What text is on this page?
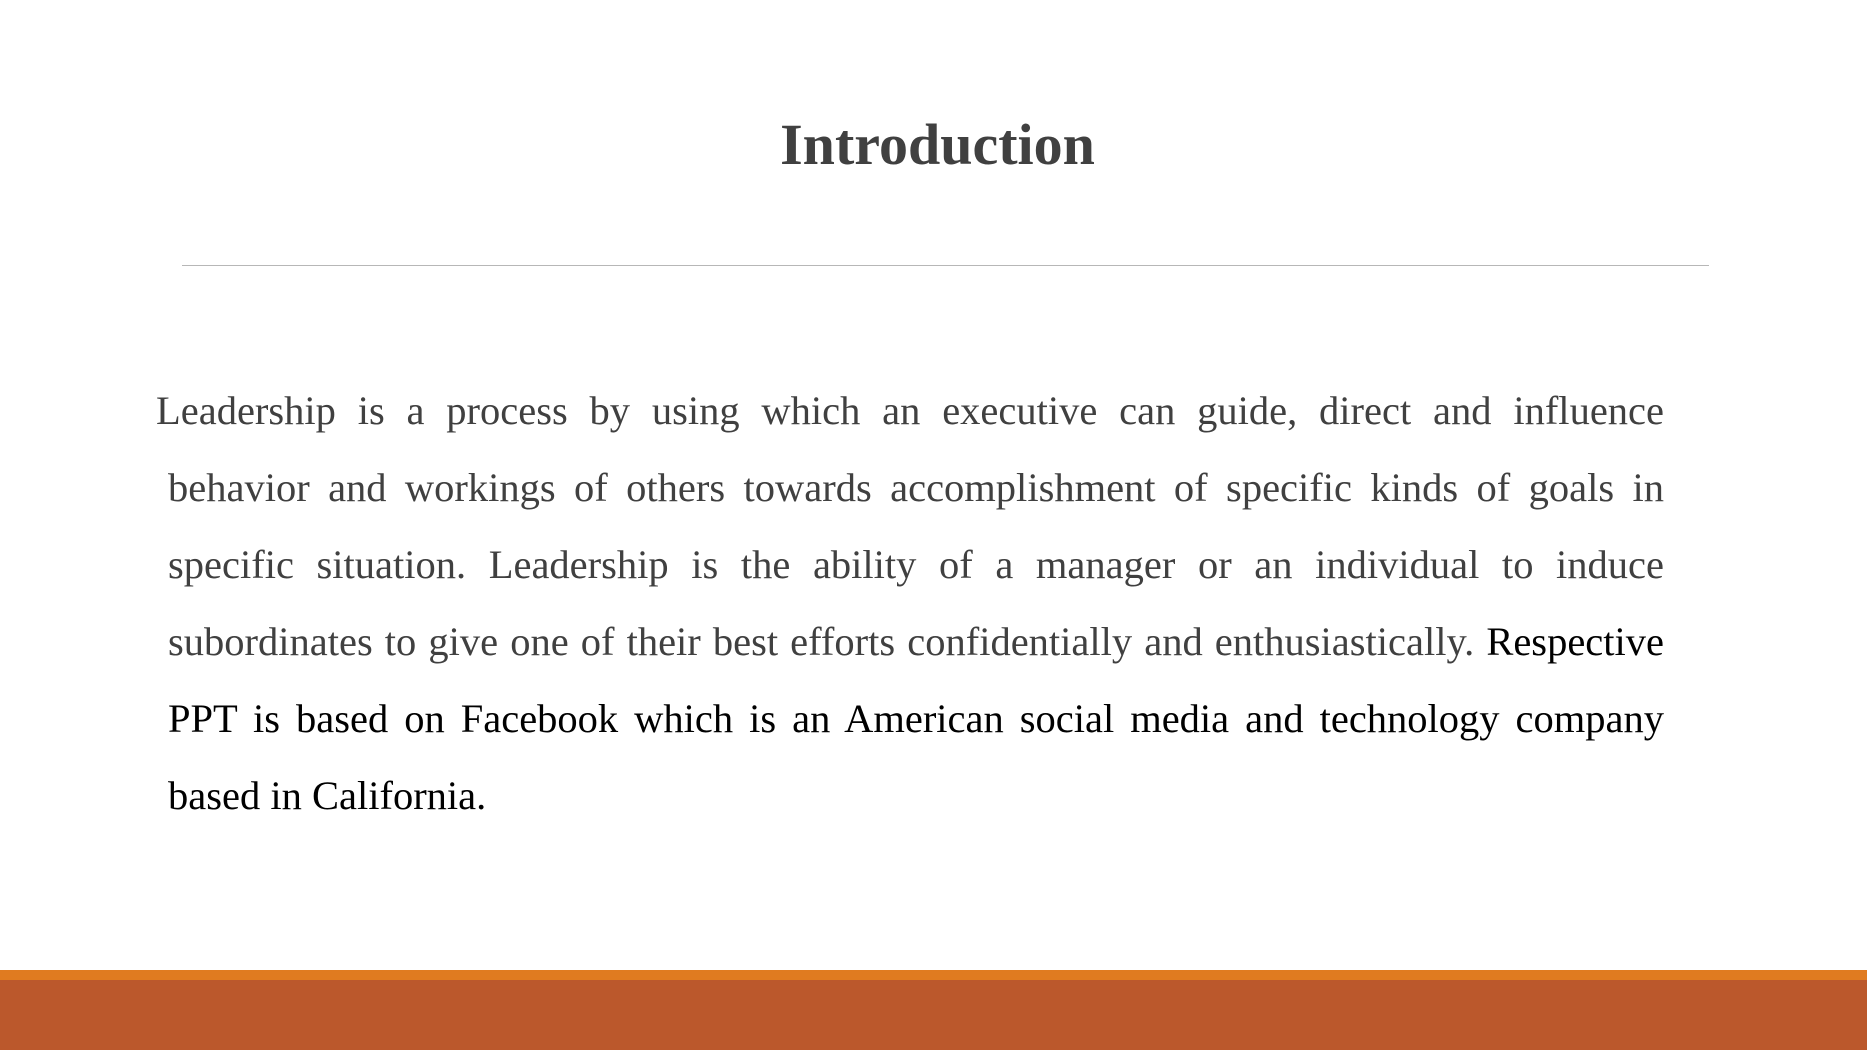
Introduction

Leadership is a process by using which an executive can guide, direct and influence behavior and workings of others towards accomplishment of specific kinds of goals in specific situation. Leadership is the ability of a manager or an individual to induce subordinates to give one of their best efforts confidentially and enthusiastically. Respective PPT is based on Facebook which is an American social media and technology company based in California.
